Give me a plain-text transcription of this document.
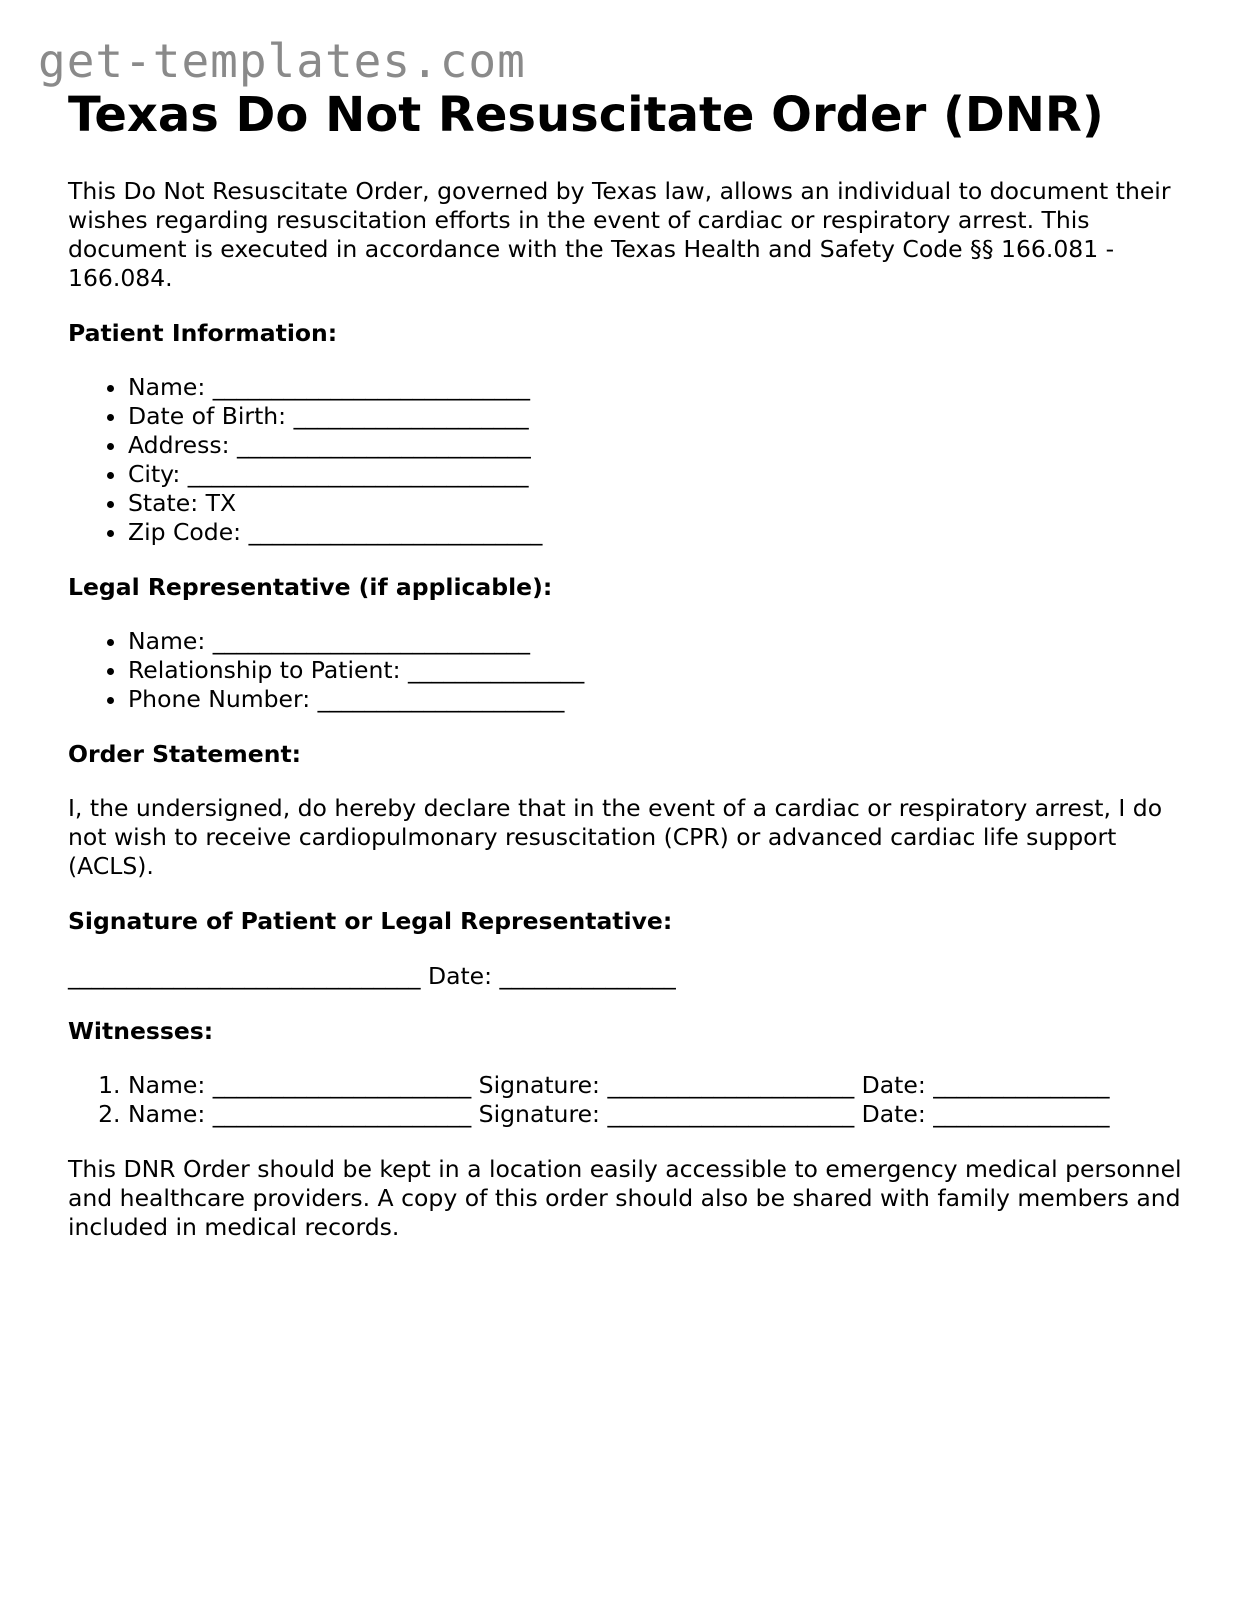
get-templates.com
Texas Do Not Resuscitate Order (DNR)

This Do Not Resuscitate Order, governed by Texas law, allows an individual to document their wishes regarding resuscitation efforts in the event of cardiac or respiratory arrest. This document is executed in accordance with the Texas Health and Safety Code §§ 166.081 - 166.084.

Patient Information:
• Name: ___________________________
• Date of Birth: ____________________
• Address: _________________________
• City: _____________________________
• State: TX
• Zip Code: _________________________
Legal Representative (if applicable):
• Name: ___________________________
• Relationship to Patient: _______________
• Phone Number: _____________________
Order Statement:

I, the undersigned, do hereby declare that in the event of a cardiac or respiratory arrest, I do not wish to receive cardiopulmonary resuscitation (CPR) or advanced cardiac life support (ACLS).

Signature of Patient or Legal Representative:

______________________________ Date: _______________

Witnesses:
1. Name: ______________________ Signature: _____________________ Date: _______________
2. Name: ______________________ Signature: _____________________ Date: _______________

This DNR Order should be kept in a location easily accessible to emergency medical personnel and healthcare providers. A copy of this order should also be shared with family members and included in medical records.
